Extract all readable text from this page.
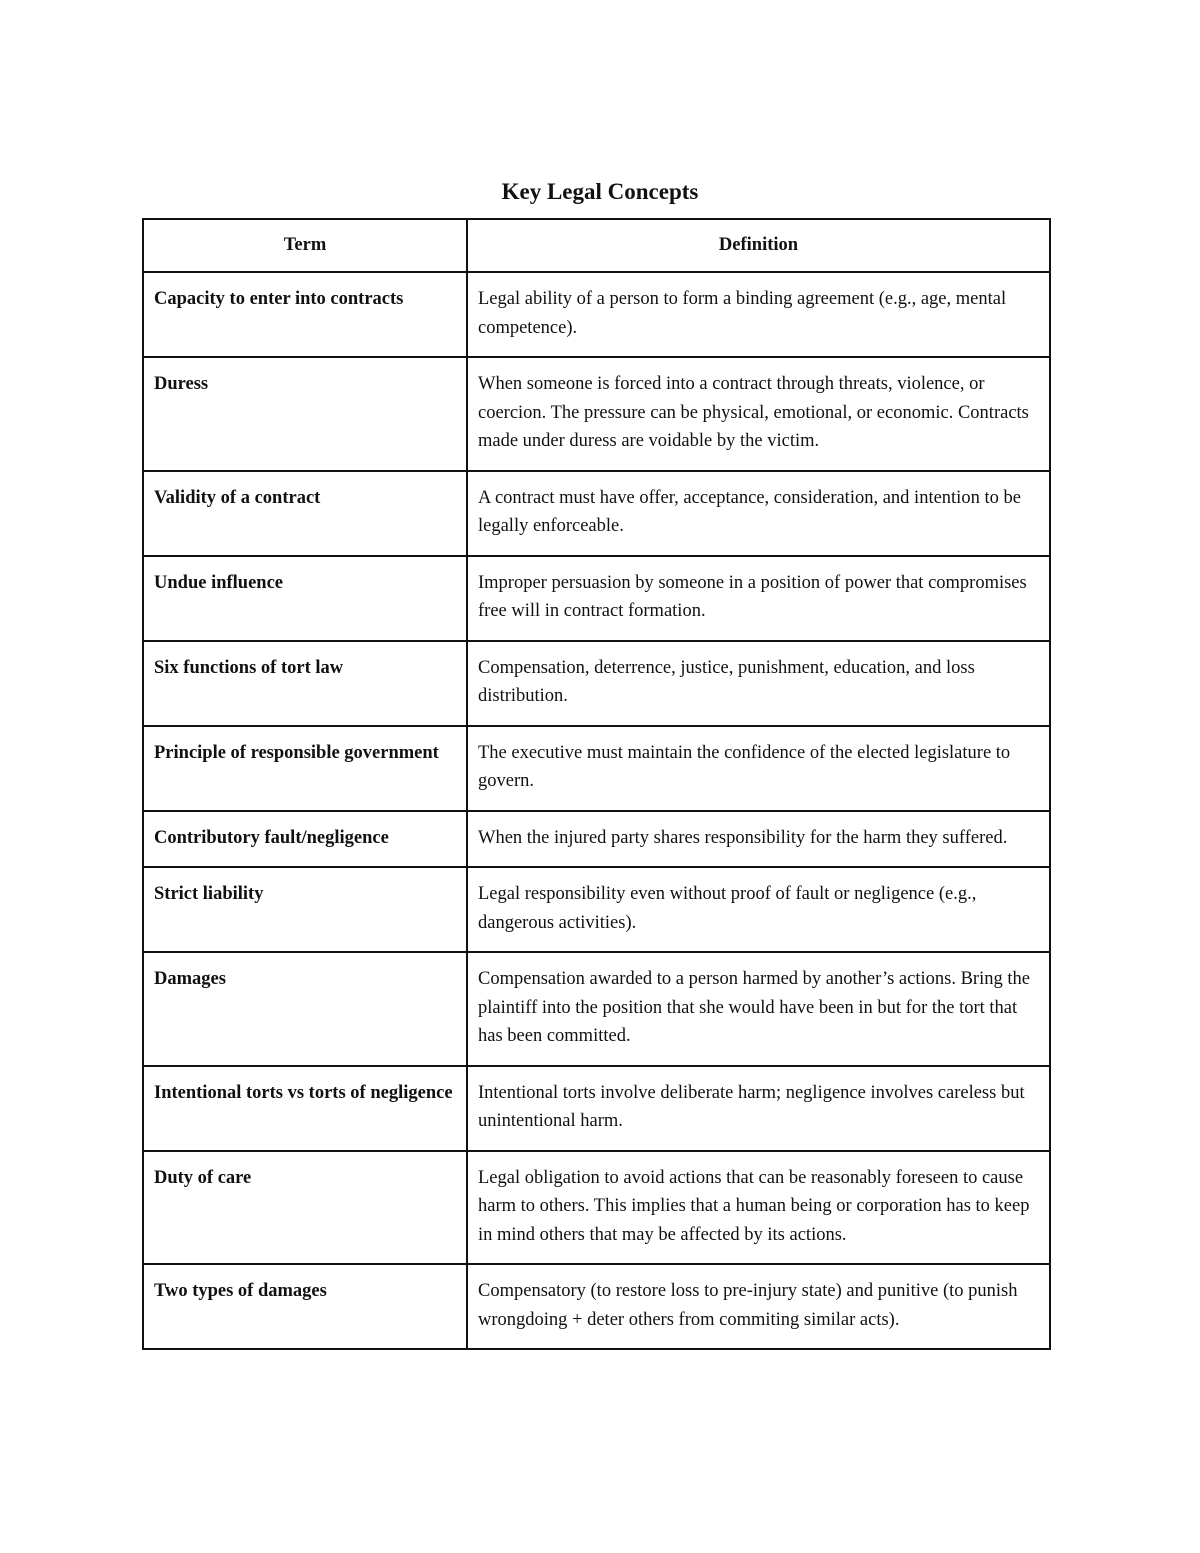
Key Legal Concepts
Term	Definition
Capacity to enter into contracts	Legal ability of a person to form a binding agreement (e.g., age, mental competence).
Duress	When someone is forced into a contract through threats, violence, or coercion. The pressure can be physical, emotional, or economic. Contracts made under duress are voidable by the victim.
Validity of a contract	A contract must have offer, acceptance, consideration, and intention to be legally enforceable.
Undue influence	Improper persuasion by someone in a position of power that compromises free will in contract formation.
Six functions of tort law	Compensation, deterrence, justice, punishment, education, and loss distribution.
Principle of responsible government	The executive must maintain the confidence of the elected legislature to govern.
Contributory fault/negligence	When the injured party shares responsibility for the harm they suffered.
Strict liability	Legal responsibility even without proof of fault or negligence (e.g., dangerous activities).
Damages	Compensation awarded to a person harmed by another’s actions. Bring the plaintiff into the position that she would have been in but for the tort that has been committed.
Intentional torts vs torts of negligence	Intentional torts involve deliberate harm; negligence involves careless but unintentional harm.
Duty of care	Legal obligation to avoid actions that can be reasonably foreseen to cause harm to others. This implies that a human being or corporation has to keep in mind others that may be affected by its actions.
Two types of damages	Compensatory (to restore loss to pre-injury state) and punitive (to punish wrongdoing + deter others from commiting similar acts).
